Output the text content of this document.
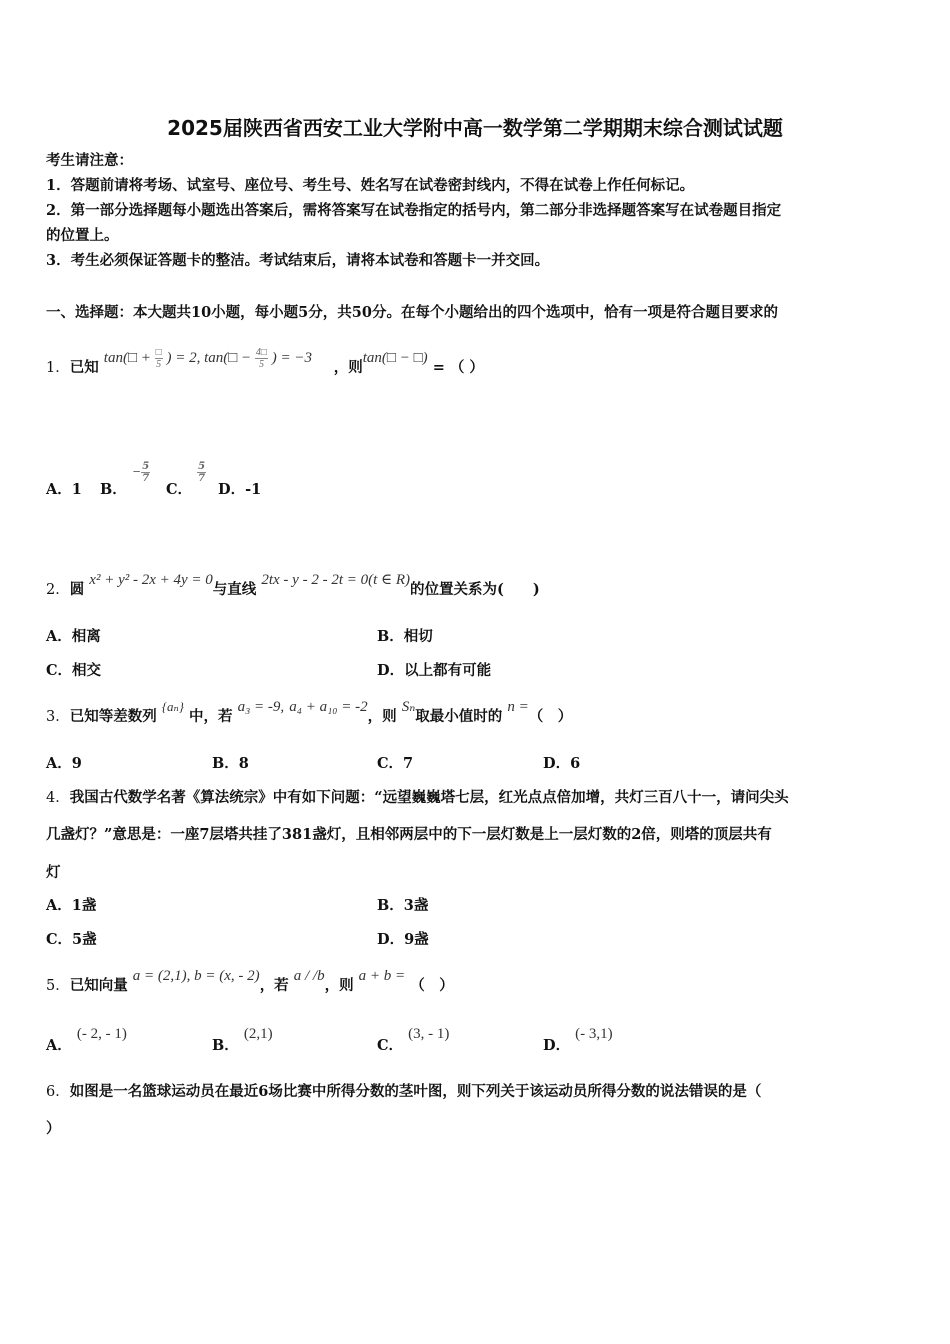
2025届陕西省西安工业大学附中高一数学第二学期期末综合测试试题
考生请注意：
1．答题前请将考场、试室号、座位号、考生号、姓名写在试卷密封线内，不得在试卷上作任何标记。
2．第一部分选择题每小题选出答案后，需将答案写在试卷指定的括号内，第二部分非选择题答案写在试卷题目指定
的位置上。
3．考生必须保证答题卡的整洁。考试结束后，请将本试卷和答题卡一并交回。
一、选择题：本大题共10小题，每小题5分，共50分。在每个小题给出的四个选项中，恰有一项是符合题目要求的
1．已知 tan(□ + $\frac{□}{5}$ ) = 2, tan(□ − $\frac{4□}{5}$ ) = −3 ，则tan(□ − □) = （ ）
A．1 B． − $\frac{5}{7}$
C．
$\frac{5}{7}$
D．-1
2．圆 x² + y² - 2x + 4y = 0与直线 2tx - y - 2 - 2t = 0(t ∈ R)的位置关系为(　　)
A．相离	B．相切
C．相交	D．以上都有可能
3．已知等差数列 {aₙ} 中，若 a₃ = -9, a₄ + a₁₀ = -2，则 Sₙ取最小值时的 n =（　）
A．9	B．8	C．7	D．6
4．我国古代数学名著《算法统宗》中有如下问题：“远望巍巍塔七层，红光点点倍加增，共灯三百八十一，请问尖头
几盏灯？”意思是：一座7层塔共挂了381盏灯，且相邻两层中的下一层灯数是上一层灯数的2倍，则塔的顶层共有
灯
A．1盏	B．3盏
C．5盏	D．9盏
5．已知向量 a = (2,1), b = (x, - 2)，若 a / /b，则 a + b = （　）
A． (- 2, - 1)
B． (2,1)
C． (3, - 1)
D． (- 3,1)
6．如图是一名篮球运动员在最近6场比赛中所得分数的茎叶图，则下列关于该运动员所得分数的说法错误的是（
）
